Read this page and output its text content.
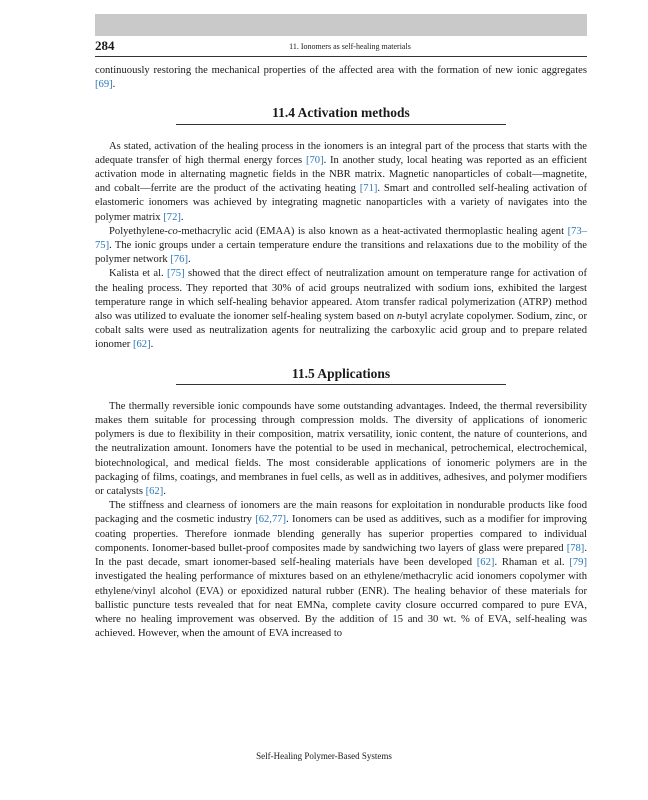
284	11. Ionomers as self-healing materials

continuously restoring the mechanical properties of the affected area with the formation of new ionic aggregates [69].

11.4 Activation methods

As stated, activation of the healing process in the ionomers is an integral part of the process that starts with the adequate transfer of high thermal energy forces [70]. In another study, local heating was reported as an efficient activation mode in alternating magnetic fields in the NBR matrix. Magnetic nanoparticles of cobalt—magnetite, and cobalt—ferrite are the product of the activating heating [71]. Smart and controlled self-healing activation of elastomeric ionomers was achieved by integrating magnetic nanoparticles with a variety of navigates into the polymer matrix [72].

Polyethylene-co-methacrylic acid (EMAA) is also known as a heat-activated thermoplastic healing agent [73–75]. The ionic groups under a certain temperature endure the transitions and relaxations due to the mobility of the polymer network [76].

Kalista et al. [75] showed that the direct effect of neutralization amount on temperature range for activation of the healing process. They reported that 30% of acid groups neutralized with sodium ions, exhibited the largest temperature range in which self-healing behavior appeared. Atom transfer radical polymerization (ATRP) method also was utilized to evaluate the ionomer self-healing system based on n-butyl acrylate copolymer. Sodium, zinc, or cobalt salts were used as neutralization agents for neutralizing the carboxylic acid group and to prepare related ionomer [62].

11.5 Applications

The thermally reversible ionic compounds have some outstanding advantages. Indeed, the thermal reversibility makes them suitable for processing through compression molds. The diversity of applications of ionomeric polymers is due to flexibility in their composition, matrix versatility, ionic content, the nature of counterions, and the neutralization amount. Ionomers have the potential to be used in mechanical, petrochemical, electrochemical, biotechnological, and medical fields. The most considerable applications of ionomeric polymers are in the packaging of films, coatings, and membranes in fuel cells, as well as in additives, adhesives, and polymer modifiers or catalysts [62].

The stiffness and clearness of ionomers are the main reasons for exploitation in nondurable products like food packaging and the cosmetic industry [62,77]. Ionomers can be used as additives, such as a modifier for improving coating properties. Therefore ionmade blending generally has superior properties compared to individual components. Ionomer-based bullet-proof composites made by sandwiching two layers of glass were prepared [78]. In the past decade, smart ionomer-based self-healing materials have been developed [62]. Rhaman et al. [79] investigated the healing performance of mixtures based on an ethylene/methacrylic acid ionomers copolymer with ethylene/vinyl alcohol (EVA) or epoxidized natural rubber (ENR). The healing behavior of these materials for ballistic puncture tests revealed that for neat EMNa, complete cavity closure occurred compared to pure EVA, where no healing improvement was observed. By the addition of 15 and 30 wt. % of EVA, self-healing was achieved. However, when the amount of EVA increased to

Self-Healing Polymer-Based Systems
